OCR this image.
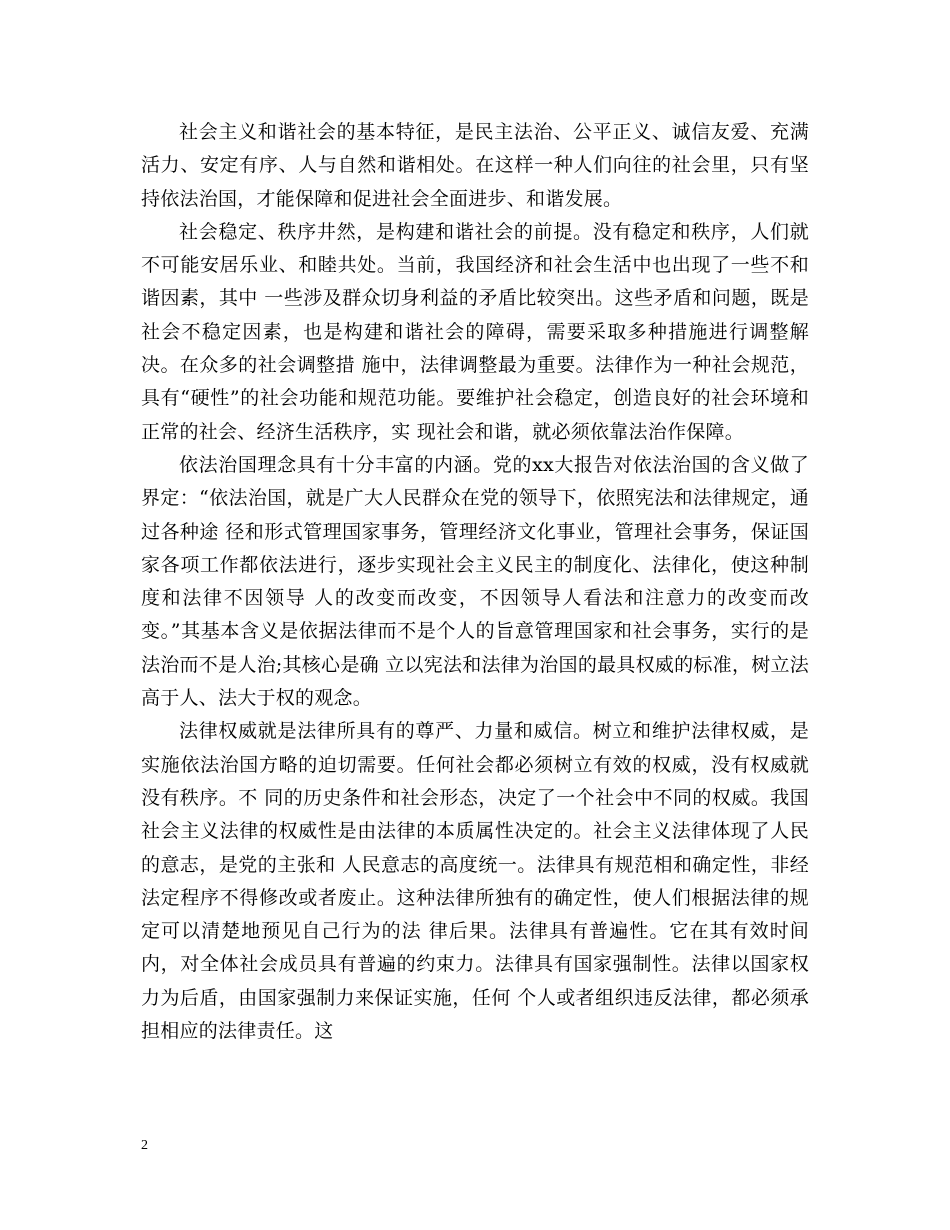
社会主义和谐社会的基本特征，是民主法治、公平正义、诚信友爱、充满活力、安定有序、人与自然和谐相处。在这样一种人们向往的社会里，只有坚持依法治国，才能保障和促进社会全面进步、和谐发展。

社会稳定、秩序井然，是构建和谐社会的前提。没有稳定和秩序，人们就不可能安居乐业、和睦共处。当前，我国经济和社会生活中也出现了一些不和谐因素，其中 一些涉及群众切身利益的矛盾比较突出。这些矛盾和问题，既是社会不稳定因素，也是构建和谐社会的障碍，需要采取多种措施进行调整解决。在众多的社会调整措 施中，法律调整最为重要。法律作为一种社会规范，具有“硬性”的社会功能和规范功能。要维护社会稳定，创造良好的社会环境和正常的社会、经济生活秩序，实 现社会和谐，就必须依靠法治作保障。

依法治国理念具有十分丰富的内涵。党的xx大报告对依法治国的含义做了界定：“依法治国，就是广大人民群众在党的领导下，依照宪法和法律规定，通过各种途 径和形式管理国家事务，管理经济文化事业，管理社会事务，保证国家各项工作都依法进行，逐步实现社会主义民主的制度化、法律化，使这种制度和法律不因领导 人的改变而改变，不因领导人看法和注意力的改变而改变。”其基本含义是依据法律而不是个人的旨意管理国家和社会事务，实行的是法治而不是人治;其核心是确 立以宪法和法律为治国的最具权威的标准，树立法高于人、法大于权的观念。

法律权威就是法律所具有的尊严、力量和威信。树立和维护法律权威，是实施依法治国方略的迫切需要。任何社会都必须树立有效的权威，没有权威就没有秩序。不 同的历史条件和社会形态，决定了一个社会中不同的权威。我国社会主义法律的权威性是由法律的本质属性决定的。社会主义法律体现了人民的意志，是党的主张和 人民意志的高度统一。法律具有规范相和确定性，非经法定程序不得修改或者废止。这种法律所独有的确定性，使人们根据法律的规定可以清楚地预见自己行为的法 律后果。法律具有普遍性。它在其有效时间内，对全体社会成员具有普遍的约束力。法律具有国家强制性。法律以国家权力为后盾，由国家强制力来保证实施，任何 个人或者组织违反法律，都必须承担相应的法律责任。这

2
